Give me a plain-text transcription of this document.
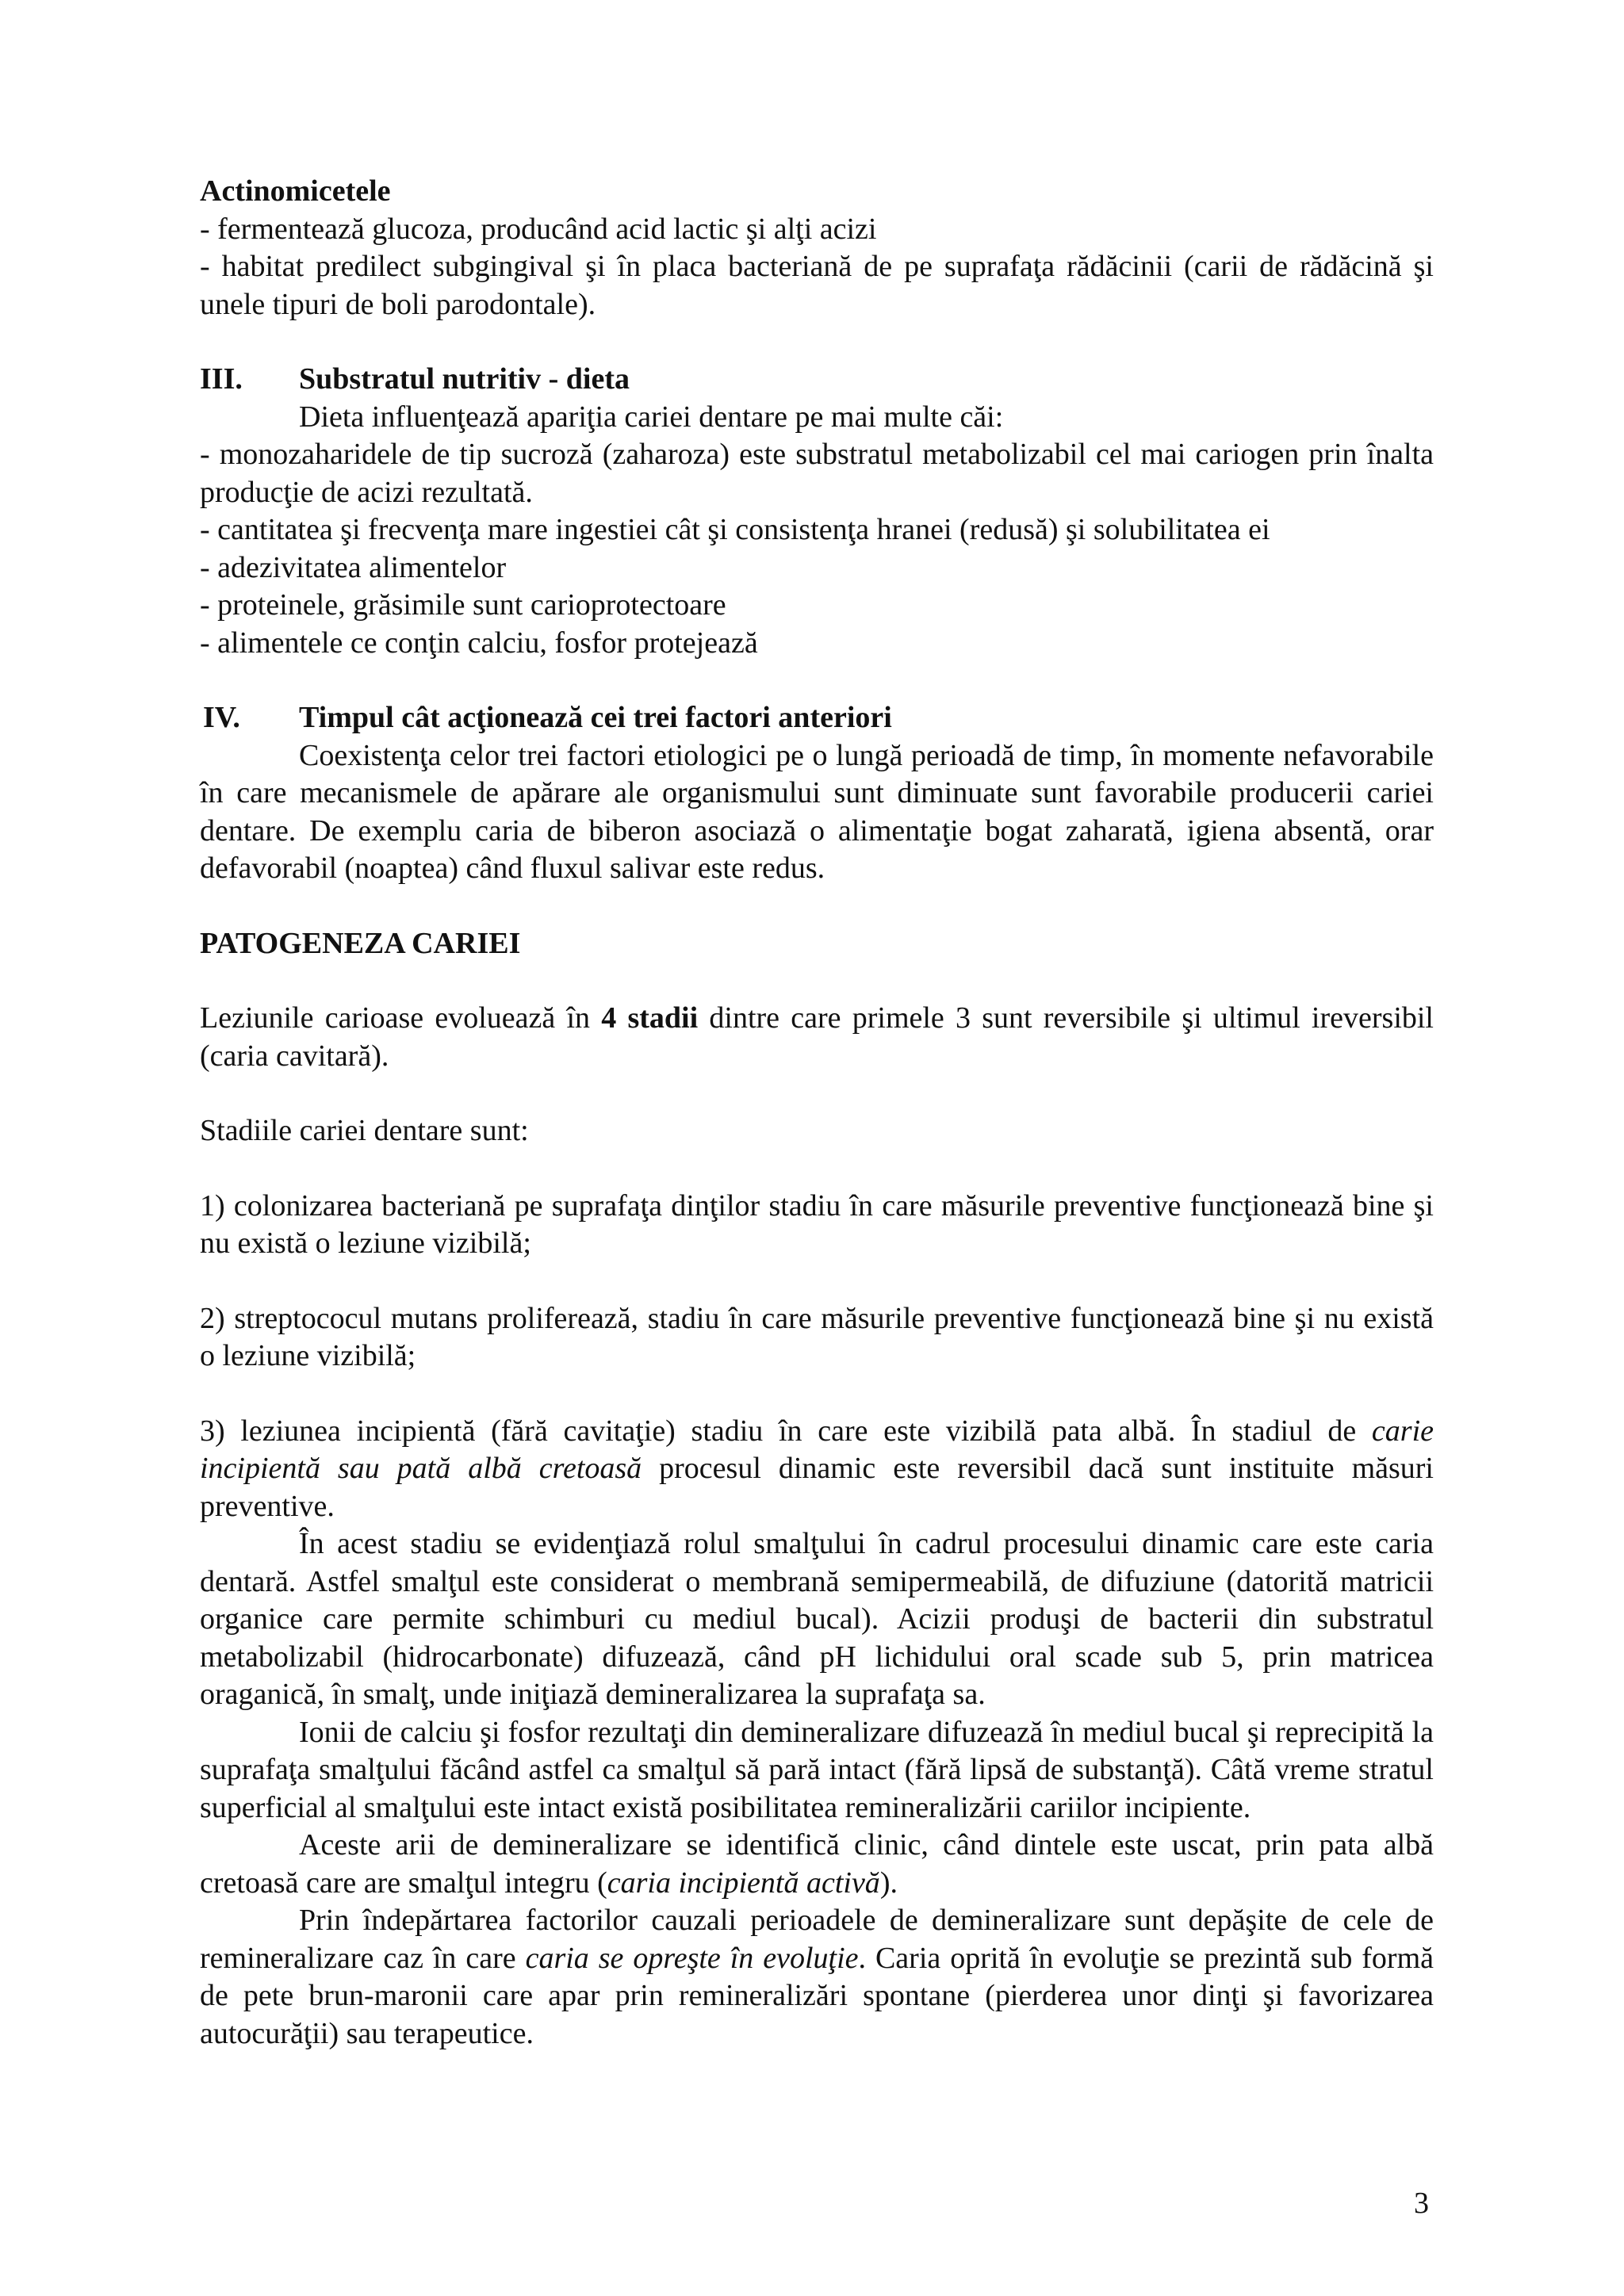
Actinomicetele

- fermentează glucoza, producând acid lactic şi alţi acizi

- habitat predilect subgingival şi în placa bacteriană de pe suprafaţa rădăcinii (carii de rădăcină şi unele tipuri de boli parodontale).

III. Substratul nutritiv - dieta

Dieta influenţează apariţia cariei dentare pe mai multe căi:

- monozaharidele de tip sucroză (zaharoza) este substratul metabolizabil cel mai cariogen prin înalta producţie de acizi rezultată.

- cantitatea şi frecvenţa mare ingestiei cât şi consistenţa hranei (redusă) şi solubilitatea ei

- adezivitatea alimentelor

- proteinele, grăsimile sunt carioprotectoare

- alimentele ce conţin calciu, fosfor protejează

IV. Timpul cât acţionează cei trei factori anteriori

Coexistenţa celor trei factori etiologici pe o lungă perioadă de timp, în momente nefavorabile în care mecanismele de apărare ale organismului sunt diminuate sunt favorabile producerii cariei dentare. De exemplu caria de biberon asociază o alimentaţie bogat zaharată, igiena absentă, orar defavorabil (noaptea) când fluxul salivar este redus.

PATOGENEZA CARIEI

Leziunile carioase evoluează în 4 stadii dintre care primele 3 sunt reversibile şi ultimul ireversibil (caria cavitară).

Stadiile cariei dentare sunt:

1) colonizarea bacteriană pe suprafaţa dinţilor stadiu în care măsurile preventive funcţionează bine şi nu există o leziune vizibilă;

2) streptococul mutans proliferează, stadiu în care măsurile preventive funcţionează bine şi nu există o leziune vizibilă;

3) leziunea incipientă (fără cavitaţie) stadiu în care este vizibilă pata albă. În stadiul de carie incipientă sau pată albă cretoasă procesul dinamic este reversibil dacă sunt instituite măsuri preventive.

În acest stadiu se evidenţiază rolul smalţului în cadrul procesului dinamic care este caria dentară. Astfel smalţul este considerat o membrană semipermeabilă, de difuziune (datorită matricii organice care permite schimburi cu mediul bucal). Acizii produşi de bacterii din substratul metabolizabil (hidrocarbonate) difuzează, când pH lichidului oral scade sub 5, prin matricea oraganică, în smalţ, unde iniţiază demineralizarea la suprafaţa sa.

Ionii de calciu şi fosfor rezultaţi din demineralizare difuzează în mediul bucal şi reprecipită la suprafaţa smalţului făcând astfel ca smalţul să pară intact (fără lipsă de substanţă). Câtă vreme stratul superficial al smalţului este intact există posibilitatea remineralizării cariilor incipiente.

Aceste arii de demineralizare se identifică clinic, când dintele este uscat, prin pata albă cretoasă care are smalţul integru (caria incipientă activă).

Prin îndepărtarea factorilor cauzali perioadele de demineralizare sunt depăşite de cele de remineralizare caz în care caria se opreşte în evoluţie. Caria oprită în evoluţie se prezintă sub formă de pete brun-maronii care apar prin remineralizări spontane (pierderea unor dinţi şi favorizarea autocurăţii) sau terapeutice.

3
